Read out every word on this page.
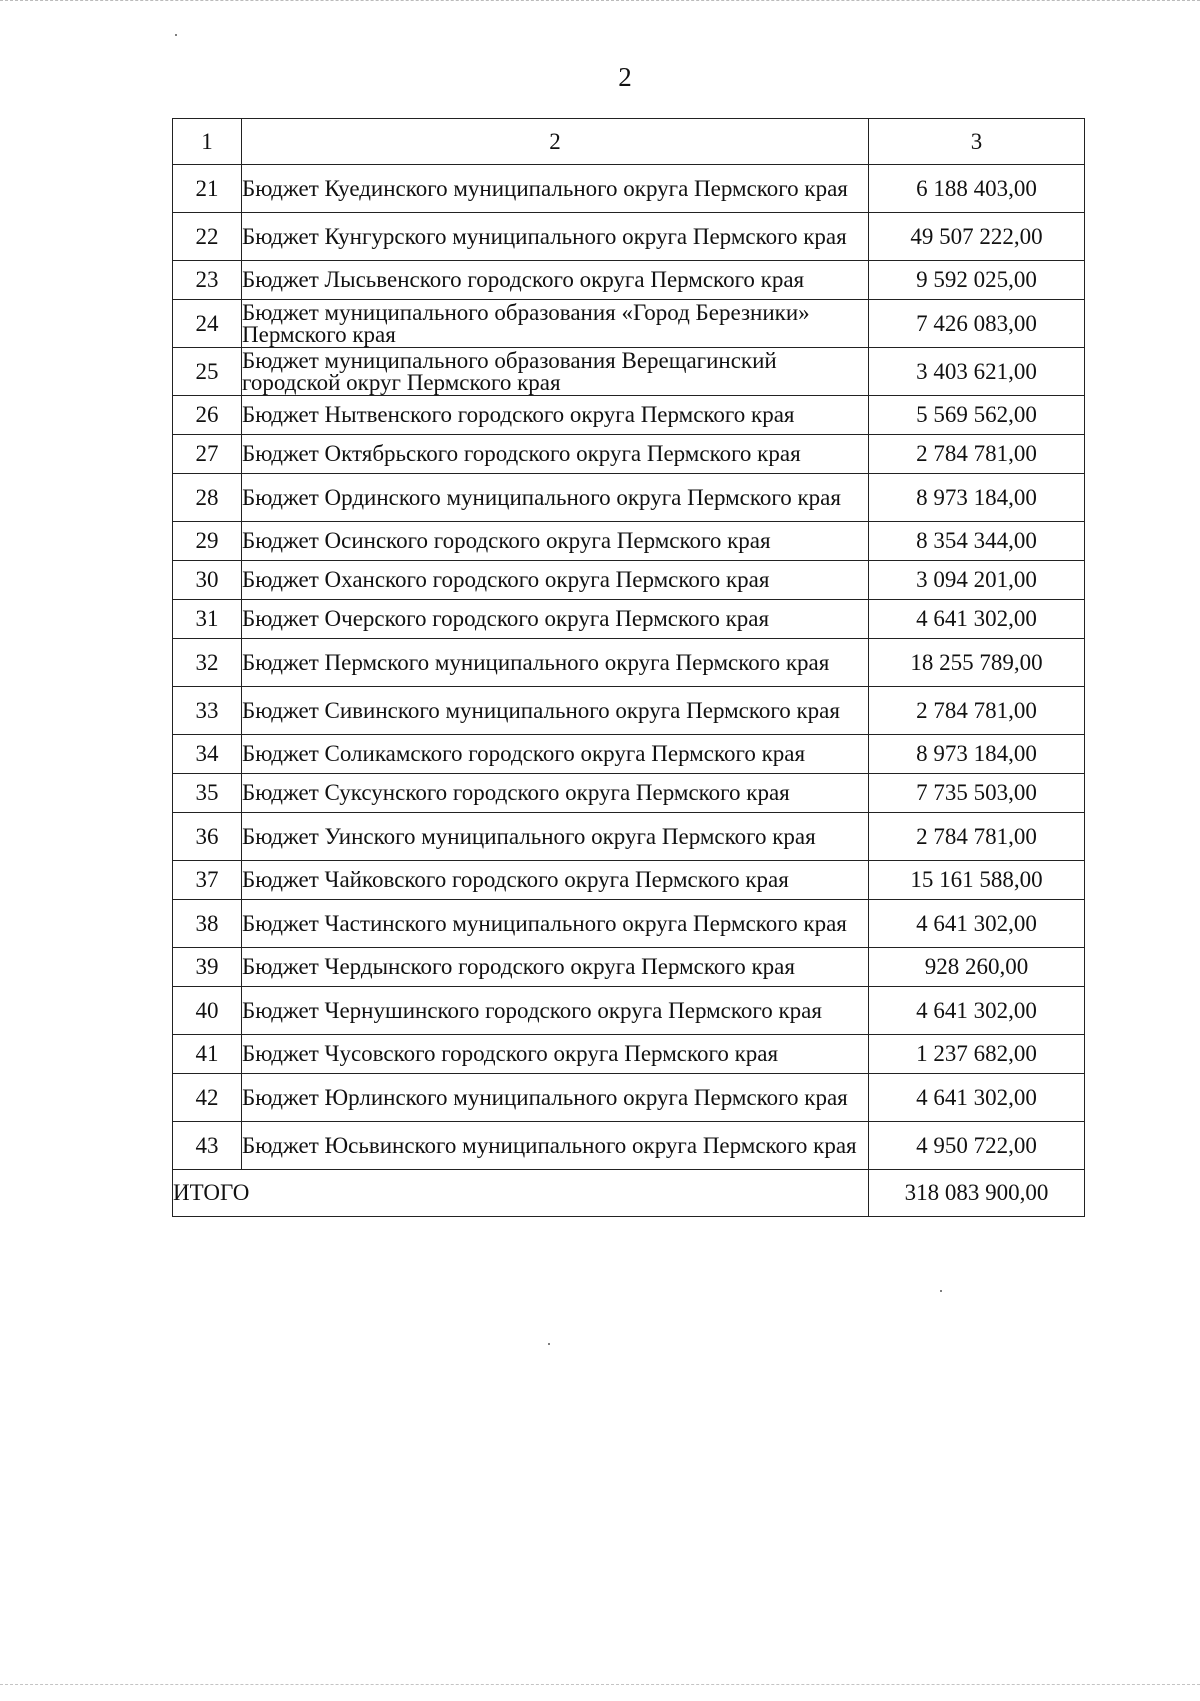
2
1	2	3
21	Бюджет Куединского муниципального округа Пермского края	6 188 403,00
22	Бюджет Кунгурского муниципального округа Пермского края	49 507 222,00
23	Бюджет Лысьвенского городского округа Пермского края	9 592 025,00
24	Бюджет муниципального образования «Город Березники» Пермского края	7 426 083,00
25	Бюджет муниципального образования Верещагинский городской округ Пермского края	3 403 621,00
26	Бюджет Нытвенского городского округа Пермского края	5 569 562,00
27	Бюджет Октябрьского городского округа Пермского края	2 784 781,00
28	Бюджет Ординского муниципального округа Пермского края	8 973 184,00
29	Бюджет Осинского городского округа Пермского края	8 354 344,00
30	Бюджет Оханского городского округа Пермского края	3 094 201,00
31	Бюджет Очерского городского округа Пермского края	4 641 302,00
32	Бюджет Пермского муниципального округа Пермского края	18 255 789,00
33	Бюджет Сивинского муниципального округа Пермского края	2 784 781,00
34	Бюджет Соликамского городского округа Пермского края	8 973 184,00
35	Бюджет Суксунского городского округа Пермского края	7 735 503,00
36	Бюджет Уинского муниципального округа Пермского края	2 784 781,00
37	Бюджет Чайковского городского округа Пермского края	15 161 588,00
38	Бюджет Частинского муниципального округа Пермского края	4 641 302,00
39	Бюджет Чердынского городского округа Пермского края	928 260,00
40	Бюджет Чернушинского городского округа Пермского края	4 641 302,00
41	Бюджет Чусовского городского округа Пермского края	1 237 682,00
42	Бюджет Юрлинского муниципального округа Пермского края	4 641 302,00
43	Бюджет Юсьвинского муниципального округа Пермского края	4 950 722,00
ИТОГО		318 083 900,00
